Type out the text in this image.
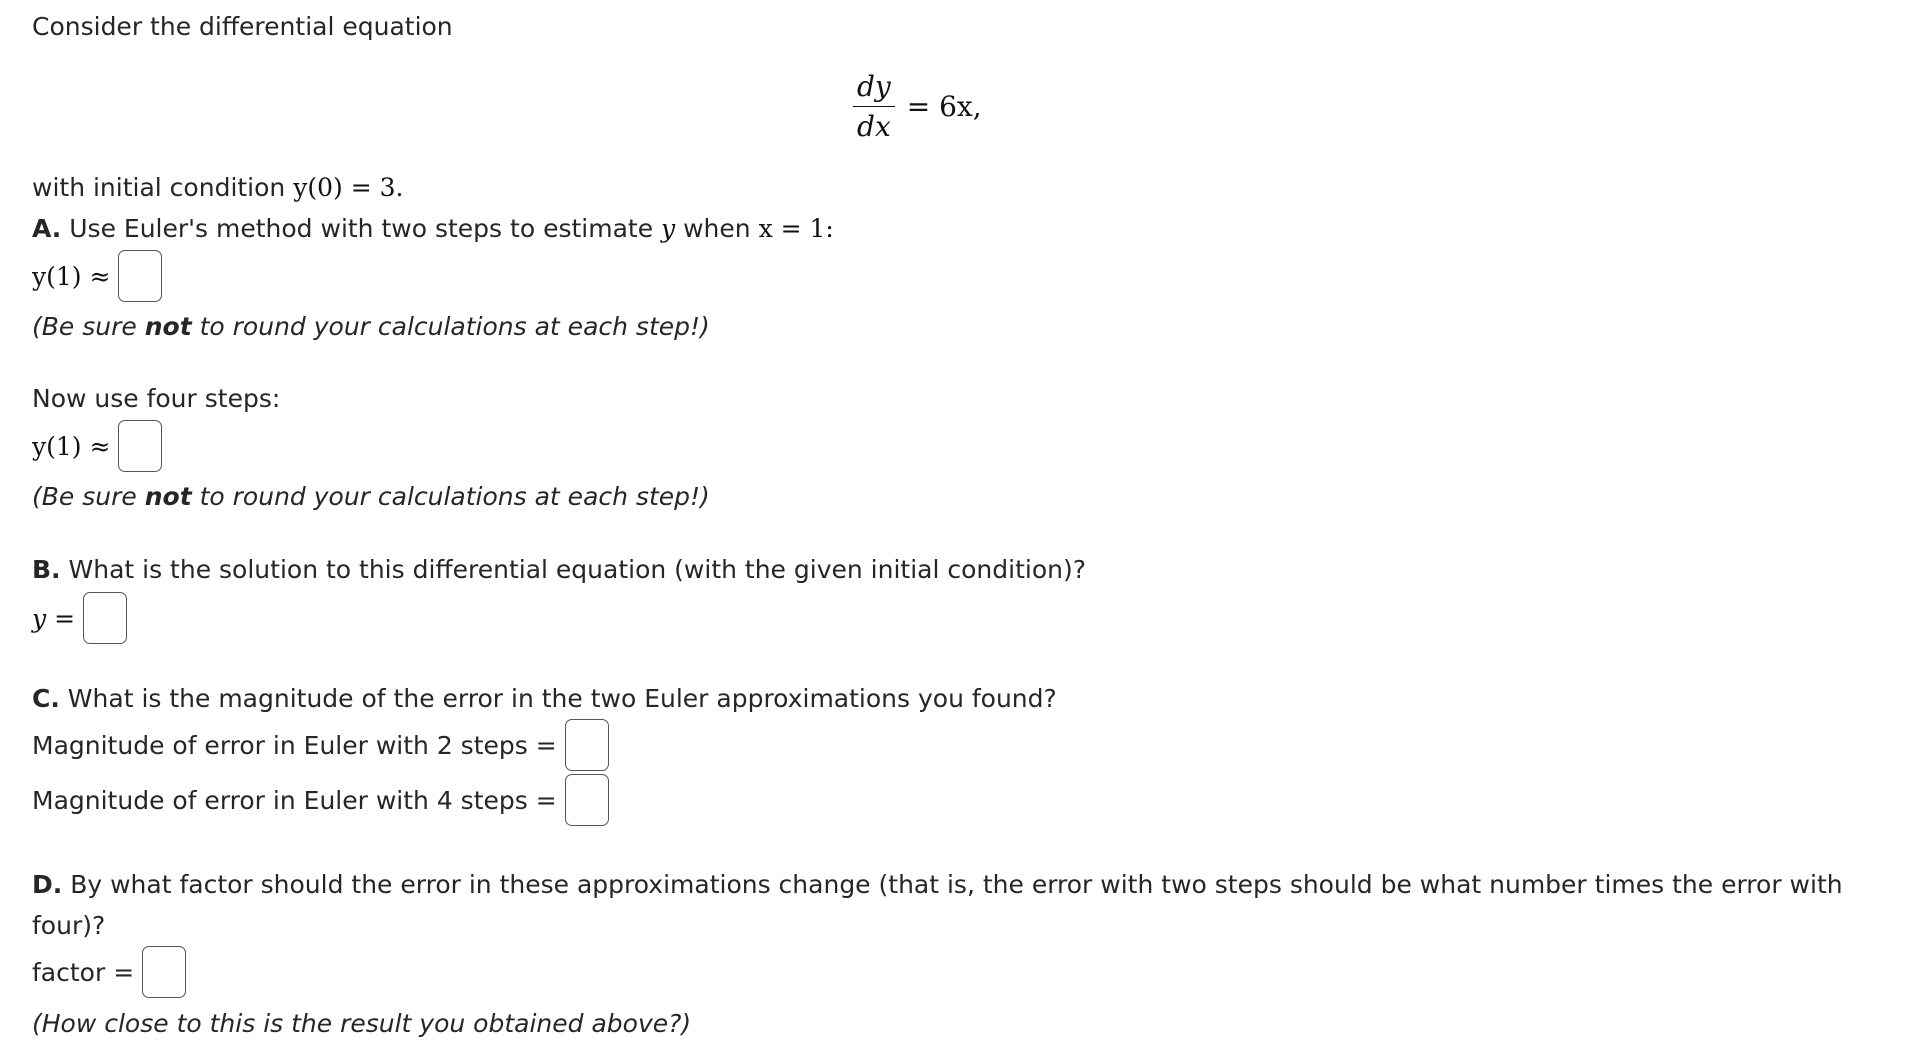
Consider the differential equation
$\frac{dy}{dx} = 6x$,
with initial condition y(0) = 3.
A. Use Euler's method with two steps to estimate y when x = 1:
y(1) ≈
(Be sure not to round your calculations at each step!)
Now use four steps:
y(1) ≈
(Be sure not to round your calculations at each step!)
B. What is the solution to this differential equation (with the given initial condition)?
y =
C. What is the magnitude of the error in the two Euler approximations you found?
Magnitude of error in Euler with 2 steps =
Magnitude of error in Euler with 4 steps =
D. By what factor should the error in these approximations change (that is, the error with two steps should be what number times the error with
four)?
factor =
(How close to this is the result you obtained above?)
